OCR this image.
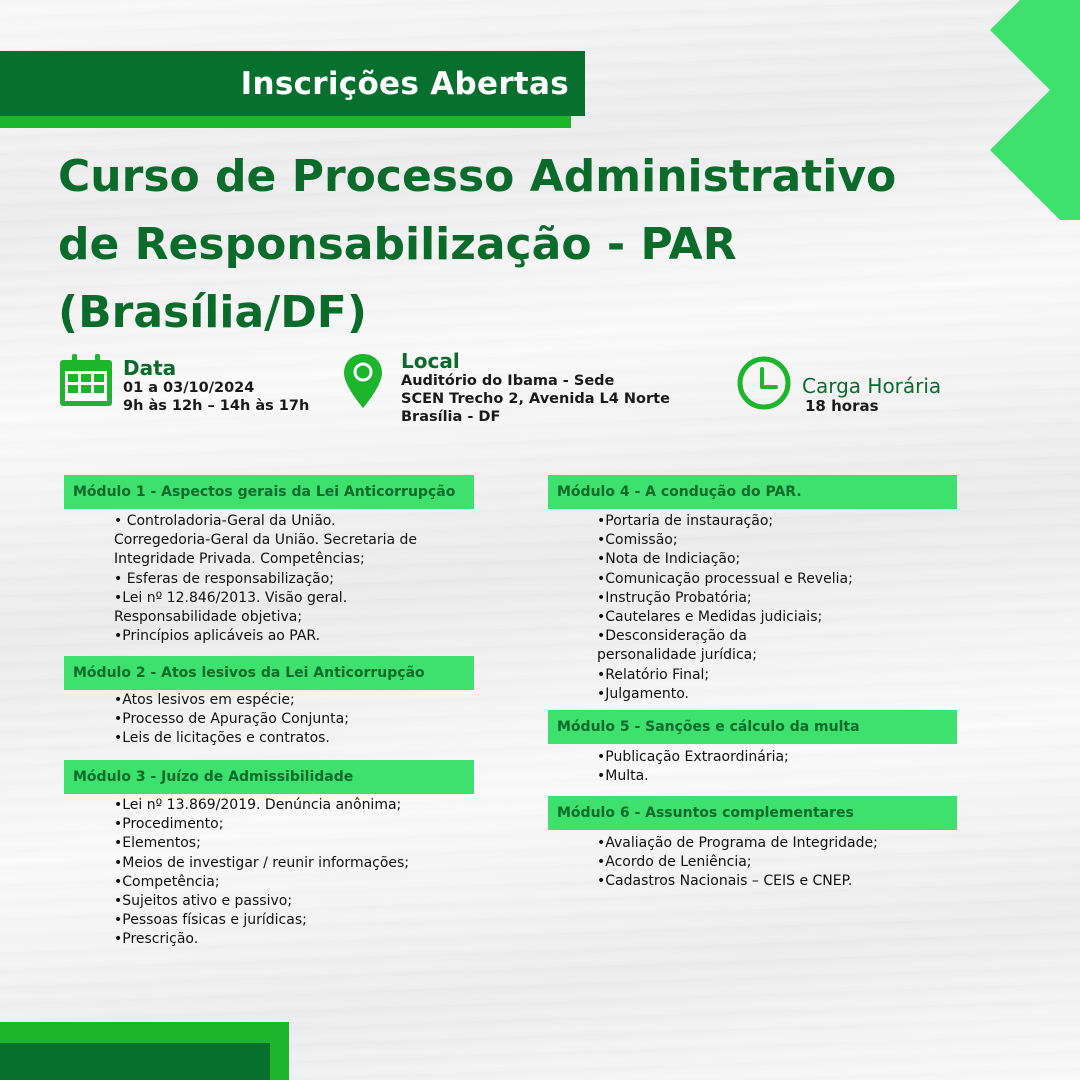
Inscrições Abertas
Curso de Processo Administrativo
de Responsabilização - PAR
(Brasília/DF)
Data
01 a 03/10/2024
9h às 12h – 14h às 17h
Local
Auditório do Ibama - Sede
SCEN Trecho 2, Avenida L4 Norte
Brasília - DF
Carga Horária
18 horas
Módulo 1 - Aspectos gerais da Lei Anticorrupção
• Controladoria-Geral da União.
Corregedoria-Geral da União. Secretaria de
Integridade Privada. Competências;
• Esferas de responsabilização;
•Lei nº 12.846/2013. Visão geral.
Responsabilidade objetiva;
•Princípios aplicáveis ao PAR.
Módulo 2 - Atos lesivos da Lei Anticorrupção
•Atos lesivos em espécie;
•Processo de Apuração Conjunta;
•Leis de licitações e contratos.
Módulo 3 - Juízo de Admissibilidade
•Lei nº 13.869/2019. Denúncia anônima;
•Procedimento;
•Elementos;
•Meios de investigar / reunir informações;
•Competência;
•Sujeitos ativo e passivo;
•Pessoas físicas e jurídicas;
•Prescrição.
Módulo 4 - A condução do PAR.
•Portaria de instauração;
•Comissão;
•Nota de Indiciação;
•Comunicação processual e Revelia;
•Instrução Probatória;
•Cautelares e Medidas judiciais;
•Desconsideração da
personalidade jurídica;
•Relatório Final;
•Julgamento.
Módulo 5 - Sanções e cálculo da multa
•Publicação Extraordinária;
•Multa.
Módulo 6 - Assuntos complementares
•Avaliação de Programa de Integridade;
•Acordo de Leniência;
•Cadastros Nacionais – CEIS e CNEP.
